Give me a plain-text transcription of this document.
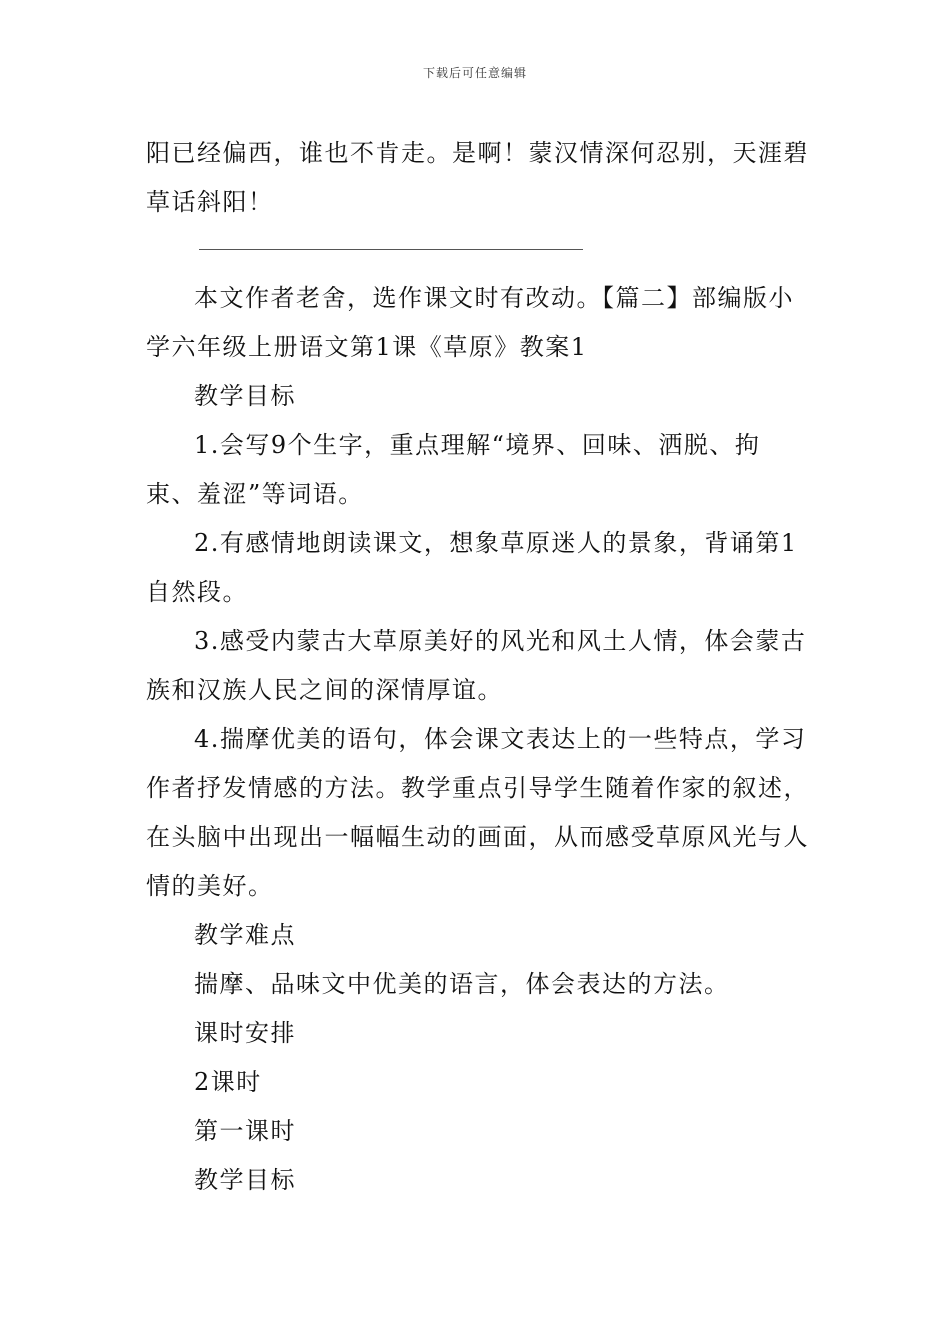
下载后可任意编辑

阳已经偏西，谁也不肯走。是啊！蒙汉情深何忍别，天涯碧草话斜阳！

本文作者老舍，选作课文时有改动。【篇二】部编版小学六年级上册语文第1课《草原》教案1

教学目标

1.会写9个生字，重点理解“境界、回味、洒脱、拘束、羞涩”等词语。

2.有感情地朗读课文，想象草原迷人的景象，背诵第1自然段。

3.感受内蒙古大草原美好的风光和风土人情，体会蒙古族和汉族人民之间的深情厚谊。

4.揣摩优美的语句，体会课文表达上的一些特点，学习作者抒发情感的方法。教学重点引导学生随着作家的叙述，在头脑中出现出一幅幅生动的画面，从而感受草原风光与人情的美好。

教学难点

揣摩、品味文中优美的语言，体会表达的方法。

课时安排

2课时

第一课时

教学目标
